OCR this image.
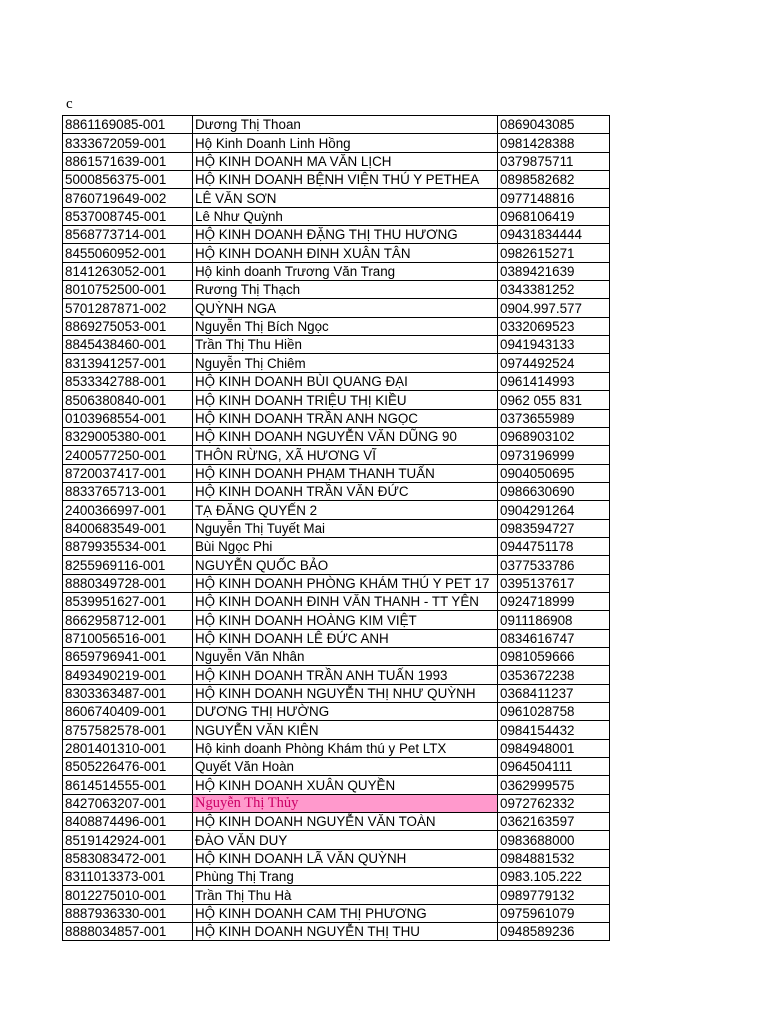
c
8861169085-001	Dương Thị Thoan	0869043085
8333672059-001	Hộ Kinh Doanh Linh Hồng	0981428388
8861571639-001	HỘ KINH DOANH MA VĂN LỊCH	0379875711
5000856375-001	HỘ KINH DOANH BỆNH VIỆN THÚ Y PETHEA	0898582682
8760719649-002	LÊ VĂN SƠN	0977148816
8537008745-001	Lê Như Quỳnh	0968106419
8568773714-001	HỘ KINH DOANH ĐẶNG THỊ THU HƯƠNG	09431834444
8455060952-001	HỘ KINH DOANH ĐINH XUÂN TÂN	0982615271
8141263052-001	Hộ kinh doanh Trương Văn Trang	0389421639
8010752500-001	Rương Thị Thạch	0343381252
5701287871-002	QUỲNH NGA	0904.997.577
8869275053-001	Nguyễn Thị Bích Ngọc	0332069523
8845438460-001	Trần Thị Thu Hiền	0941943133
8313941257-001	Nguyễn Thị Chiêm	0974492524
8533342788-001	HỘ KINH DOANH BÙI QUANG ĐẠI	0961414993
8506380840-001	HỘ KINH DOANH TRIỆU THỊ KIỀU	0962 055 831
0103968554-001	HỘ KINH DOANH TRẦN ANH NGỌC	0373655989
8329005380-001	HỘ KINH DOANH NGUYỄN VĂN DŨNG 90	0968903102
2400577250-001	THÔN RỪNG, XÃ HƯƠNG VĨ	0973196999
8720037417-001	HỘ KINH DOANH PHẠM THANH TUẤN	0904050695
8833765713-001	HỘ KINH DOANH TRẦN VĂN ĐỨC	0986630690
2400366997-001	TẠ ĐĂNG QUYẾN 2	0904291264
8400683549-001	Nguyễn Thị Tuyết Mai	0983594727
8879935534-001	Bùi Ngọc Phi	0944751178
8255969116-001	NGUYỄN QUỐC BẢO	0377533786
8880349728-001	HỘ KINH DOANH PHÒNG KHÁM THÚ Y PET 17	0395137617
8539951627-001	HỘ KINH DOANH ĐINH VĂN THANH - TT YÊN	0924718999
8662958712-001	HỘ KINH DOANH HOÀNG KIM VIỆT	0911186908
8710056516-001	HỘ KINH DOANH LÊ ĐỨC ANH	0834616747
8659796941-001	Nguyễn Văn Nhân	0981059666
8493490219-001	HỘ KINH DOANH TRẦN ANH TUẤN 1993	0353672238
8303363487-001	HỘ KINH DOANH NGUYỄN THỊ NHƯ QUỲNH	0368411237
8606740409-001	DƯƠNG THỊ HƯỜNG	0961028758
8757582578-001	NGUYỄN VĂN KIÊN	0984154432
2801401310-001	Hộ kinh doanh Phòng Khám thú y Pet LTX	0984948001
8505226476-001	Quyết Văn Hoàn	0964504111
8614514555-001	HỘ KINH DOANH XUÂN QUYỀN	0362999575
8427063207-001	Nguyễn Thị Thủy	0972762332
8408874496-001	HỘ KINH DOANH NGUYỄN VĂN TOÀN	0362163597
8519142924-001	ĐÀO VĂN DUY	0983688000
8583083472-001	HỘ KINH DOANH LÃ VĂN QUỲNH	0984881532
8311013373-001	Phùng Thị Trang	0983.105.222
8012275010-001	Trần Thị Thu Hà	0989779132
8887936330-001	HỘ KINH DOANH CAM THỊ PHƯƠNG	0975961079
8888034857-001	HỘ KINH DOANH NGUYỄN THỊ THU	0948589236
